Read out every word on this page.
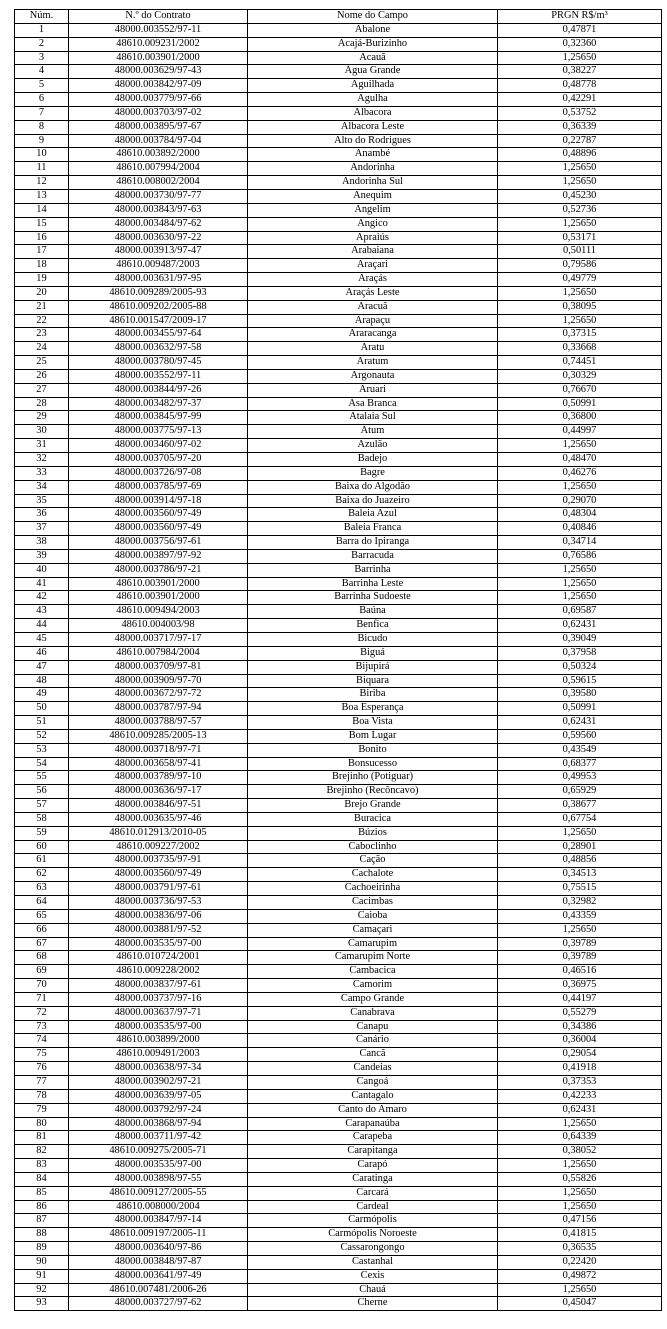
Núm.	N.º do Contrato	Nome do Campo	PRGN R$/m³
1	48000.003552/97-11	Abalone	0,47871
2	48610.009231/2002	Acajá-Burizinho	0,32360
3	48610.003901/2000	Acauã	1,25650
4	48000.003629/97-43	Água Grande	0,38227
5	48000.003842/97-09	Aguilhada	0,48778
6	48000.003779/97-66	Agulha	0,42291
7	48000.003703/97-02	Albacora	0,53752
8	48000.003895/97-67	Albacora Leste	0,36339
9	48000.003784/97-04	Alto do Rodrigues	0,22787
10	48610.003892/2000	Anambé	0,48896
11	48610.007994/2004	Andorinha	1,25650
12	48610.008002/2004	Andorinha Sul	1,25650
13	48000.003730/97-77	Anequim	0,45230
14	48000.003843/97-63	Angelim	0,52736
15	48000.003484/97-62	Angico	1,25650
16	48000.003630/97-22	Apraiús	0,53171
17	48000.003913/97-47	Arabaiana	0,50111
18	48610.009487/2003	Araçari	0,79586
19	48000.003631/97-95	Araçás	0,49779
20	48610.009289/2005-93	Araçás Leste	1,25650
21	48610.009202/2005-88	Aracuã	0,38095
22	48610.001547/2009-17	Arapaçu	1,25650
23	48000.003455/97-64	Araracanga	0,37315
24	48000.003632/97-58	Aratu	0,33668
25	48000.003780/97-45	Aratum	0,74451
26	48000.003552/97-11	Argonauta	0,30329
27	48000.003844/97-26	Aruari	0,76670
28	48000.003482/97-37	Asa Branca	0,50991
29	48000.003845/97-99	Atalaia Sul	0,36800
30	48000.003775/97-13	Atum	0,44997
31	48000.003460/97-02	Azulão	1,25650
32	48000.003705/97-20	Badejo	0,48470
33	48000.003726/97-08	Bagre	0,46276
34	48000.003785/97-69	Baixa do Algodão	1,25650
35	48000.003914/97-18	Baixa do Juazeiro	0,29070
36	48000.003560/97-49	Baleia Azul	0,48304
37	48000.003560/97-49	Baleia Franca	0,40846
38	48000.003756/97-61	Barra do Ipiranga	0,34714
39	48000.003897/97-92	Barracuda	0,76586
40	48000.003786/97-21	Barrinha	1,25650
41	48610.003901/2000	Barrinha Leste	1,25650
42	48610.003901/2000	Barrinha Sudoeste	1,25650
43	48610.009494/2003	Baúna	0,69587
44	48610.004003/98	Benfica	0,62431
45	48000.003717/97-17	Bicudo	0,39049
46	48610.007984/2004	Biguá	0,37958
47	48000.003709/97-81	Bijupirá	0,50324
48	48000.003909/97-70	Biquara	0,59615
49	48000.003672/97-72	Biriba	0,39580
50	48000.003787/97-94	Boa Esperança	0,50991
51	48000.003788/97-57	Boa Vista	0,62431
52	48610.009285/2005-13	Bom Lugar	0,59560
53	48000.003718/97-71	Bonito	0,43549
54	48000.003658/97-41	Bonsucesso	0,68377
55	48000.003789/97-10	Brejinho (Potiguar)	0,49953
56	48000.003636/97-17	Brejinho (Recôncavo)	0,65929
57	48000.003846/97-51	Brejo Grande	0,38677
58	48000.003635/97-46	Buracica	0,67754
59	48610.012913/2010-05	Búzios	1,25650
60	48610.009227/2002	Caboclinho	0,28901
61	48000.003735/97-91	Cação	0,48856
62	48000.003560/97-49	Cachalote	0,34513
63	48000.003791/97-61	Cachoeirinha	0,75515
64	48000.003736/97-53	Cacimbas	0,32982
65	48000.003836/97-06	Caioba	0,43359
66	48000.003881/97-52	Camaçari	1,25650
67	48000.003535/97-00	Camarupim	0,39789
68	48610.010724/2001	Camarupim Norte	0,39789
69	48610.009228/2002	Cambacica	0,46516
70	48000.003837/97-61	Camorim	0,36975
71	48000.003737/97-16	Campo Grande	0,44197
72	48000.003637/97-71	Canabrava	0,55279
73	48000.003535/97-00	Canapu	0,34386
74	48610.003899/2000	Canário	0,36004
75	48610.009491/2003	Cancã	0,29054
76	48000.003638/97-34	Candeias	0,41918
77	48000.003902/97-21	Cangoá	0,37353
78	48000.003639/97-05	Cantagalo	0,42233
79	48000.003792/97-24	Canto do Amaro	0,62431
80	48000.003868/97-94	Carapanaúba	1,25650
81	48000.003711/97-42	Carapeba	0,64339
82	48610.009275/2005-71	Carapitanga	0,38052
83	48000.003535/97-00	Carapó	1,25650
84	48000.003898/97-55	Caratinga	0,55826
85	48610.009127/2005-55	Carcará	1,25650
86	48610.008000/2004	Cardeal	1,25650
87	48000.003847/97-14	Carmópolis	0,47156
88	48610.009197/2005-11	Carmópolis Noroeste	0,41815
89	48000.003640/97-86	Cassarongongo	0,36535
90	48000.003848/97-87	Castanhal	0,22420
91	48000.003641/97-49	Cexis	0,49872
92	48610.007481/2006-26	Chauá	1,25650
93	48000.003727/97-62	Cherne	0,45047
